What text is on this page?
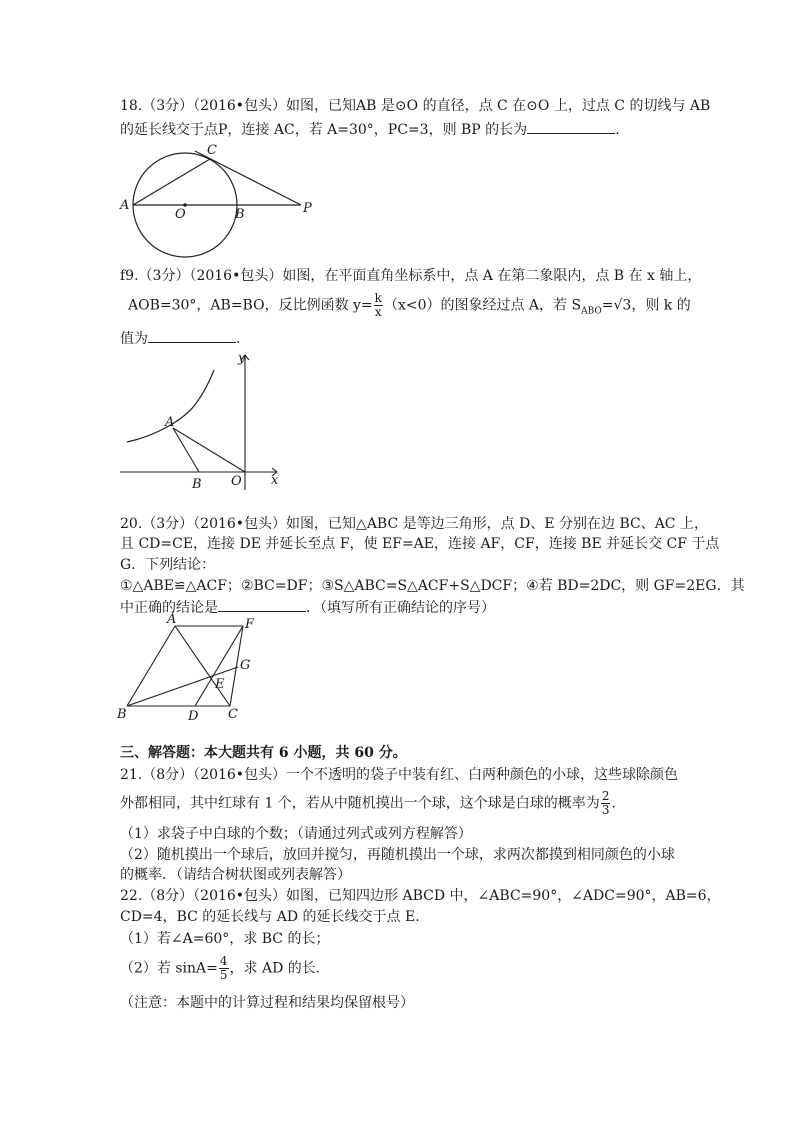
18.（3分）（2016•包头）如图，已知AB 是⊙O 的直径，点 C 在⊙O 上，过点 C 的切线与 AB
的延长线交于点P，连接 AC，若 A=30°，PC=3，则 BP 的长为	.
A
O	B	P
C
f9.（3分）（2016•包头）如图，在平面直角坐标系中，点 A 在第二象限内，点 B 在 x 轴上，
AOB=30°，AB=BO，反比例函数 $y= \frac{k}{x} (x<0)$的图象经过点 A，若 $S_{ABO}=√3$，则 k 的
值为	.
y
x
A
B O
20.（3分）（2016•包头）如图，已知△ABC 是等边三角形，点 D、E 分别在边 BC、AC 上，
且 CD=CE，连接 DE 并延长至点 F，使 EF=AE，连接 AF，CF，连接 BE 并延长交 CF 于点
G．下列结论：
①△ABE≌△ACF；②BC=DF；③S△ABC=S△ACF+S△DCF；④若 BD=2DC，则 GF=2EG．其
中正确的结论是	．（填写所有正确结论的序号）
A	F
G
E
B	D C
三、解答题：本大题共有 6 小题，共 60 分。
21.（8分）（2016•包头）一个不透明的袋子中装有红、白两种颜色的小球，这些球除颜色
外都相同，其中红球有 1 个，若从中随机摸出一个球，这个球是白球的概率为 $\frac{2}{3}$ .
（1）求袋子中白球的个数；（请通过列式或列方程解答）
（2）随机摸出一个球后，放回并搅匀，再随机摸出一个球，求两次都摸到相同颜色的小球
的概率．（请结合树状图或列表解答）
22.（8分）（2016•包头）如图，已知四边形 ABCD 中，∠ABC=90°，∠ADC=90°，AB=6，
CD=4，BC 的延长线与 AD 的延长线交于点 E．
（1）若∠A=60°，求 BC 的长；
（2）若 $\sin A= \frac{4}{5}$ ，求 AD 的长．
（注意：本题中的计算过程和结果均保留根号）
